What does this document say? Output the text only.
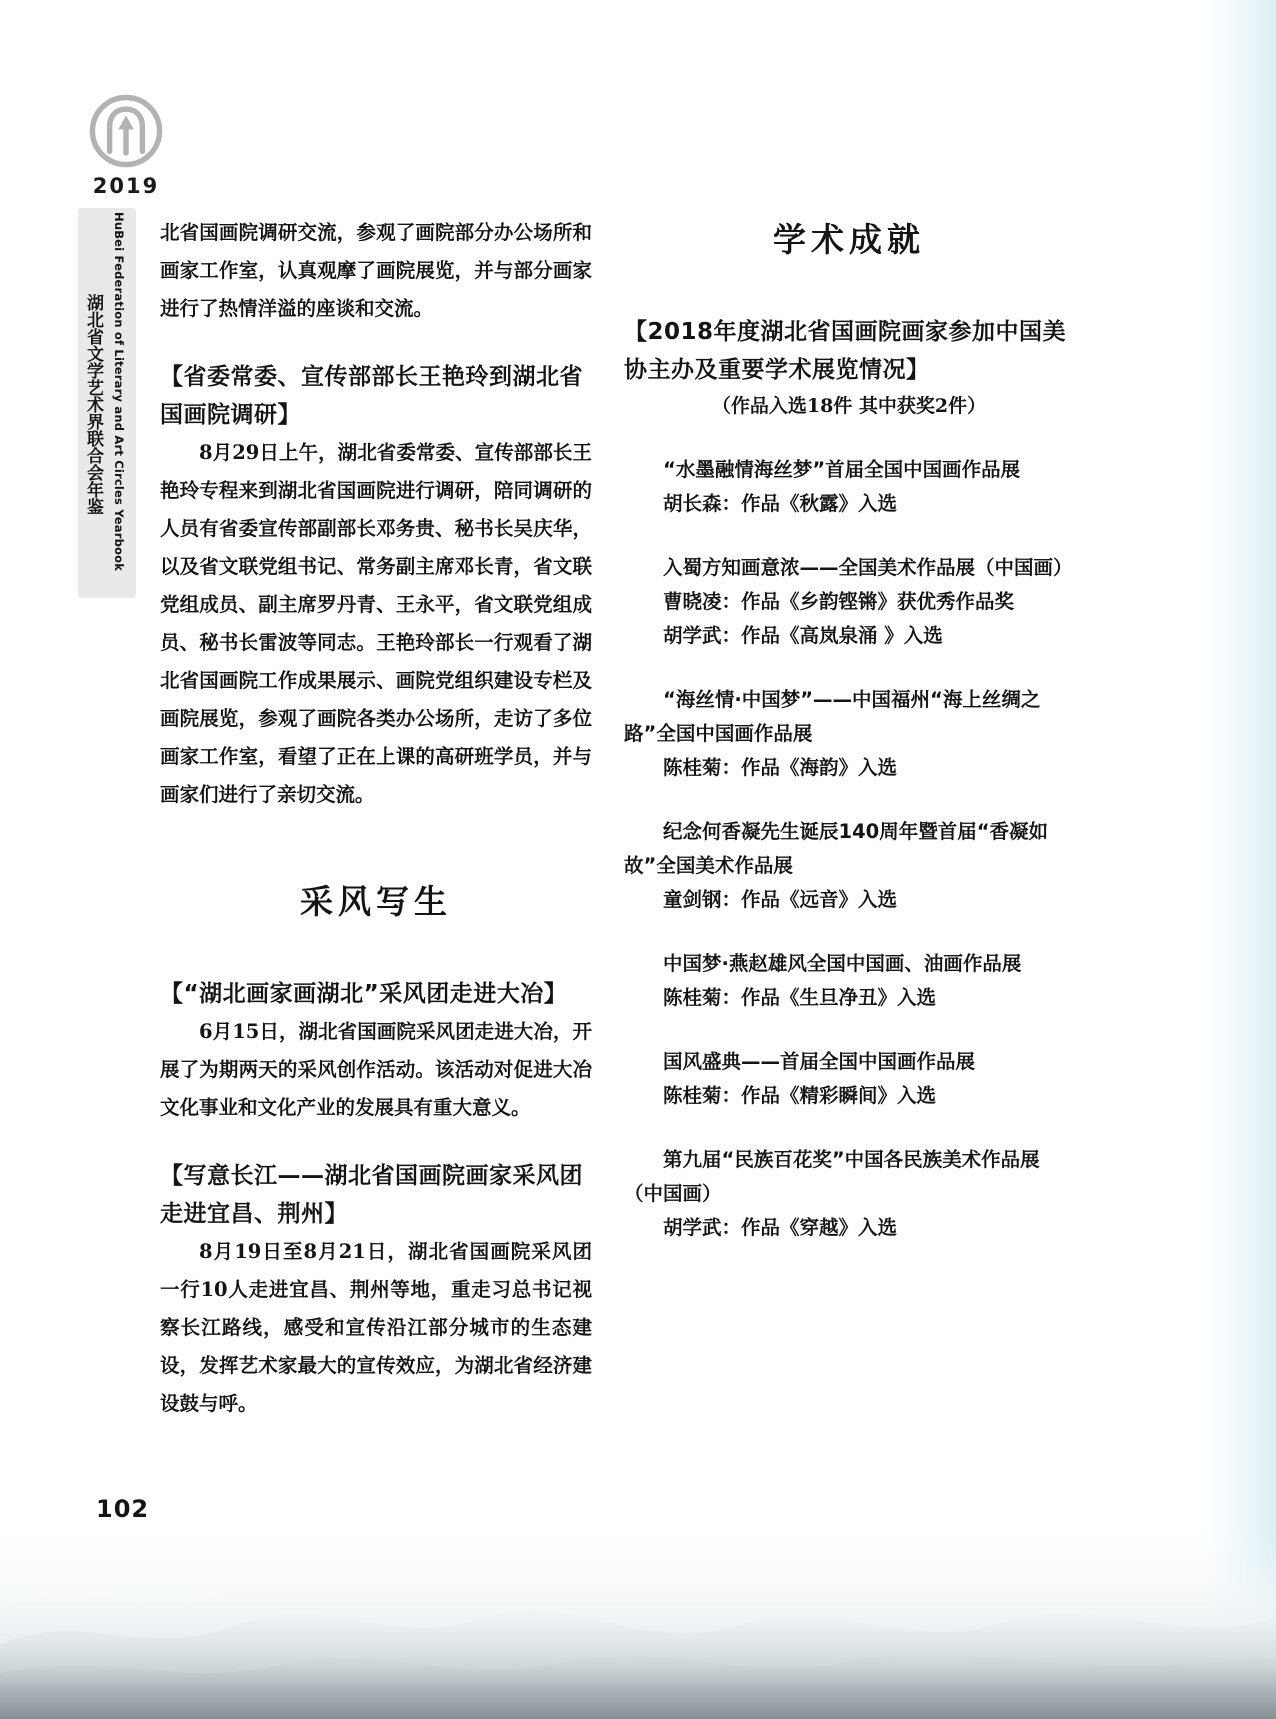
2019
湖北省文学艺术界联合会年鉴 HuBei Federation of Literary and Art Circles Yearbook 北省国画院调研交流，参观了画院部分办公场所和画家工作室，认真观摩了画院展览，并与部分画家进行了热情洋溢的座谈和交流。

【省委常委、宣传部部长王艳玲到湖北省国画院调研】

8月29日上午，湖北省委常委、宣传部部长王艳玲专程来到湖北省国画院进行调研，陪同调研的人员有省委宣传部副部长邓务贵、秘书长吴庆华，以及省文联党组书记、常务副主席邓长青，省文联党组成员、副主席罗丹青、王永平，省文联党组成员、秘书长雷波等同志。王艳玲部长一行观看了湖北省国画院工作成果展示、画院党组织建设专栏及画院展览，参观了画院各类办公场所，走访了多位画家工作室，看望了正在上课的高研班学员，并与画家们进行了亲切交流。

采风写生
【“湖北画家画湖北”采风团走进大冶】

6月15日，湖北省国画院采风团走进大冶，开展了为期两天的采风创作活动。该活动对促进大冶文化事业和文化产业的发展具有重大意义。

【写意长江——湖北省国画院画家采风团走进宜昌、荆州】

8月19日至8月21日，湖北省国画院采风团一行10人走进宜昌、荆州等地，重走习总书记视察长江路线，感受和宣传沿江部分城市的生态建设，发挥艺术家最大的宣传效应，为湖北省经济建设鼓与呼。

学术成就
【2018年度湖北省国画院画家参加中国美协主办及重要学术展览情况】

（作品入选18件 其中获奖2件）

“水墨融情海丝梦”首届全国中国画作品展

胡长森：作品《秋露》入选

入蜀方知画意浓——全国美术作品展（中国画）

曹晓凌：作品《乡韵铿锵》获优秀作品奖

胡学武：作品《高岚泉涌 》入选

“海丝情·中国梦”——中国福州“海上丝绸之路”全国中国画作品展

陈桂菊：作品《海韵》入选

纪念何香凝先生诞辰140周年暨首届“香凝如故”全国美术作品展

童剑钢：作品《远音》入选

中国梦·燕赵雄风全国中国画、油画作品展

陈桂菊：作品《生旦净丑》入选

国风盛典——首届全国中国画作品展

陈桂菊：作品《精彩瞬间》入选

第九届“民族百花奖”中国各民族美术作品展（中国画）

胡学武：作品《穿越》入选

102
